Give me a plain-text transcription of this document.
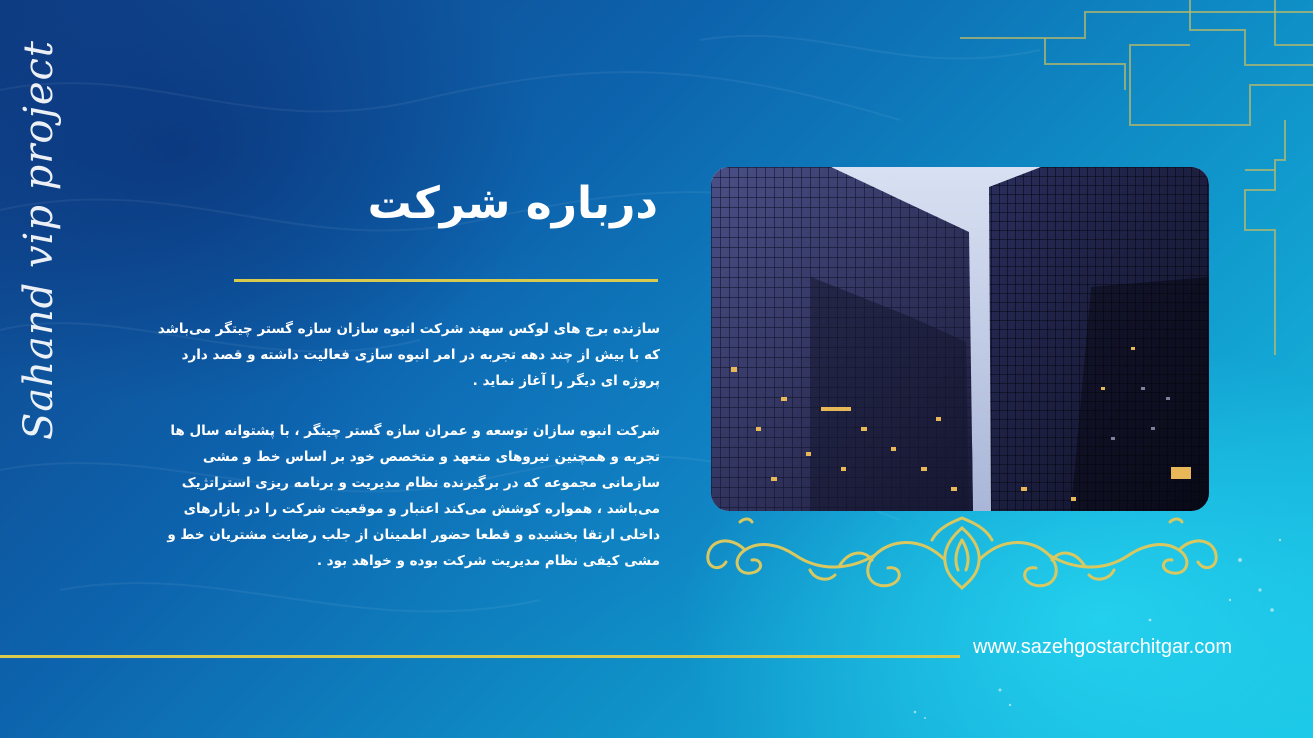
Sahand vip project	درباره شرکت

سازنده برج های لوکس سهند شرکت انبوه سازان سازه گستر چیتگر می‌باشد که با بیش از چند دهه تجربه در امر انبوه سازی فعالیت داشته و قصد دارد پروژه ای دیگر را آغاز نماید .

شرکت انبوه سازان توسعه و عمران سازه گستر چیتگر ، با پشتوانه سال ها تجربه و همچنین نیروهای متعهد و متخصص خود بر اساس خط و مشی سازمانی مجموعه که در برگیرنده نظام مدیریت و برنامه ریزی استراتژیک می‌باشد ، همواره کوشش می‌کند اعتبار و موقعیت شرکت را در بازارهای داخلی ارتقا بخشیده و قطعا حضور اطمینان از جلب رضایت مشتریان خط و مشی کیفی نظام مدیریت شرکت بوده و خواهد بود .

www.sazehgostarchitgar.com
